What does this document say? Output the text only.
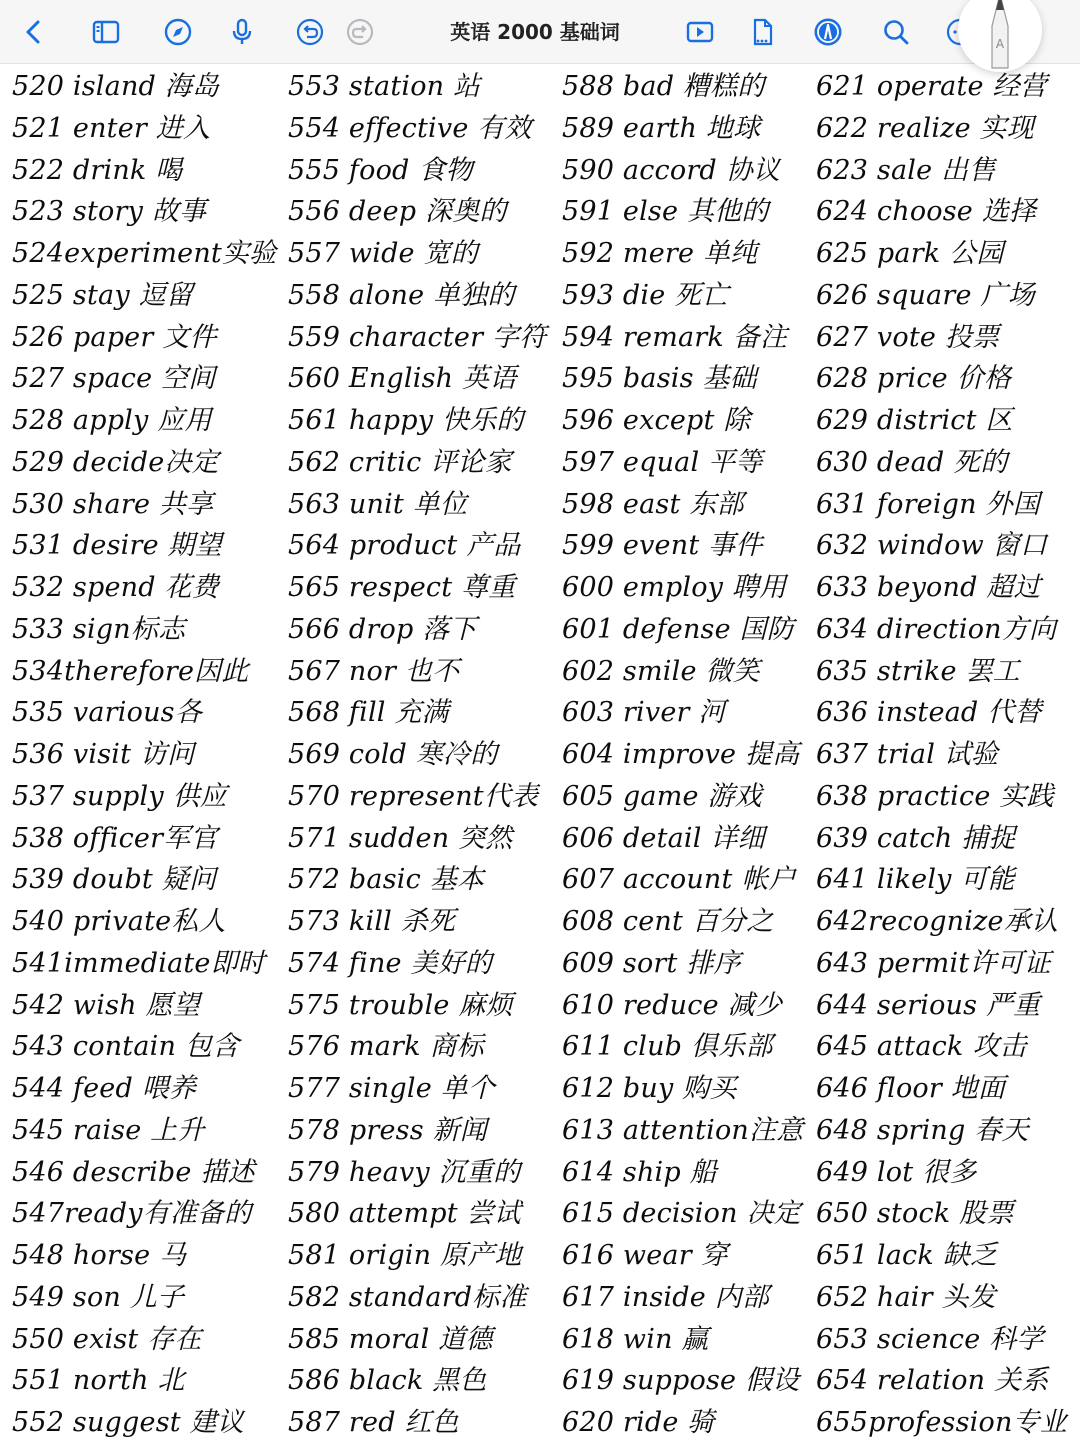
英语 2000 基础词	A
520 island 海岛
521 enter 进入
522 drink 喝
523 story 故事
524experiment实验
525 stay 逗留
526 paper 文件
527 space 空间
528 apply 应用
529 decide决定
530 share 共享
531 desire 期望
532 spend 花费
533 sign标志
534therefore因此
535 various各
536 visit 访问
537 supply 供应
538 officer军官
539 doubt 疑问
540 private私人
541immediate即时
542 wish 愿望
543 contain 包含
544 feed 喂养
545 raise 上升
546 describe 描述
547ready有准备的
548 horse 马
549 son 儿子
550 exist 存在
551 north 北
552 suggest 建议
553 station 站
554 effective 有效
555 food 食物
556 deep 深奥的
557 wide 宽的
558 alone 单独的
559 character 字符
560 English 英语
561 happy 快乐的
562 critic 评论家
563 unit 单位
564 product 产品
565 respect 尊重
566 drop 落下
567 nor 也不
568 fill 充满
569 cold 寒冷的
570 represent代表
571 sudden 突然
572 basic 基本
573 kill 杀死
574 fine 美好的
575 trouble 麻烦
576 mark 商标
577 single 单个
578 press 新闻
579 heavy 沉重的
580 attempt 尝试
581 origin 原产地
582 standard标准
585 moral 道德
586 black 黑色
587 red 红色
588 bad 糟糕的
589 earth 地球
590 accord 协议
591 else 其他的
592 mere 单纯
593 die 死亡
594 remark 备注
595 basis 基础
596 except 除
597 equal 平等
598 east 东部
599 event 事件
600 employ 聘用
601 defense 国防
602 smile 微笑
603 river 河
604 improve 提高
605 game 游戏
606 detail 详细
607 account 帐户
608 cent 百分之
609 sort 排序
610 reduce 减少
611 club 俱乐部
612 buy 购买
613 attention注意
614 ship 船
615 decision 决定
616 wear 穿
617 inside 内部
618 win 赢
619 suppose 假设
620 ride 骑
621 operate 经营
622 realize 实现
623 sale 出售
624 choose 选择
625 park 公园
626 square 广场
627 vote 投票
628 price 价格
629 district 区
630 dead 死的
631 foreign 外国
632 window 窗口
633 beyond 超过
634 direction方向
635 strike 罢工
636 instead 代替
637 trial 试验
638 practice 实践
639 catch 捕捉
641 likely 可能
642recognize承认
643 permit许可证
644 serious 严重
645 attack 攻击
646 floor 地面
648 spring 春天
649 lot 很多
650 stock 股票
651 lack 缺乏
652 hair 头发
653 science 科学
654 relation 关系
655profession专业
